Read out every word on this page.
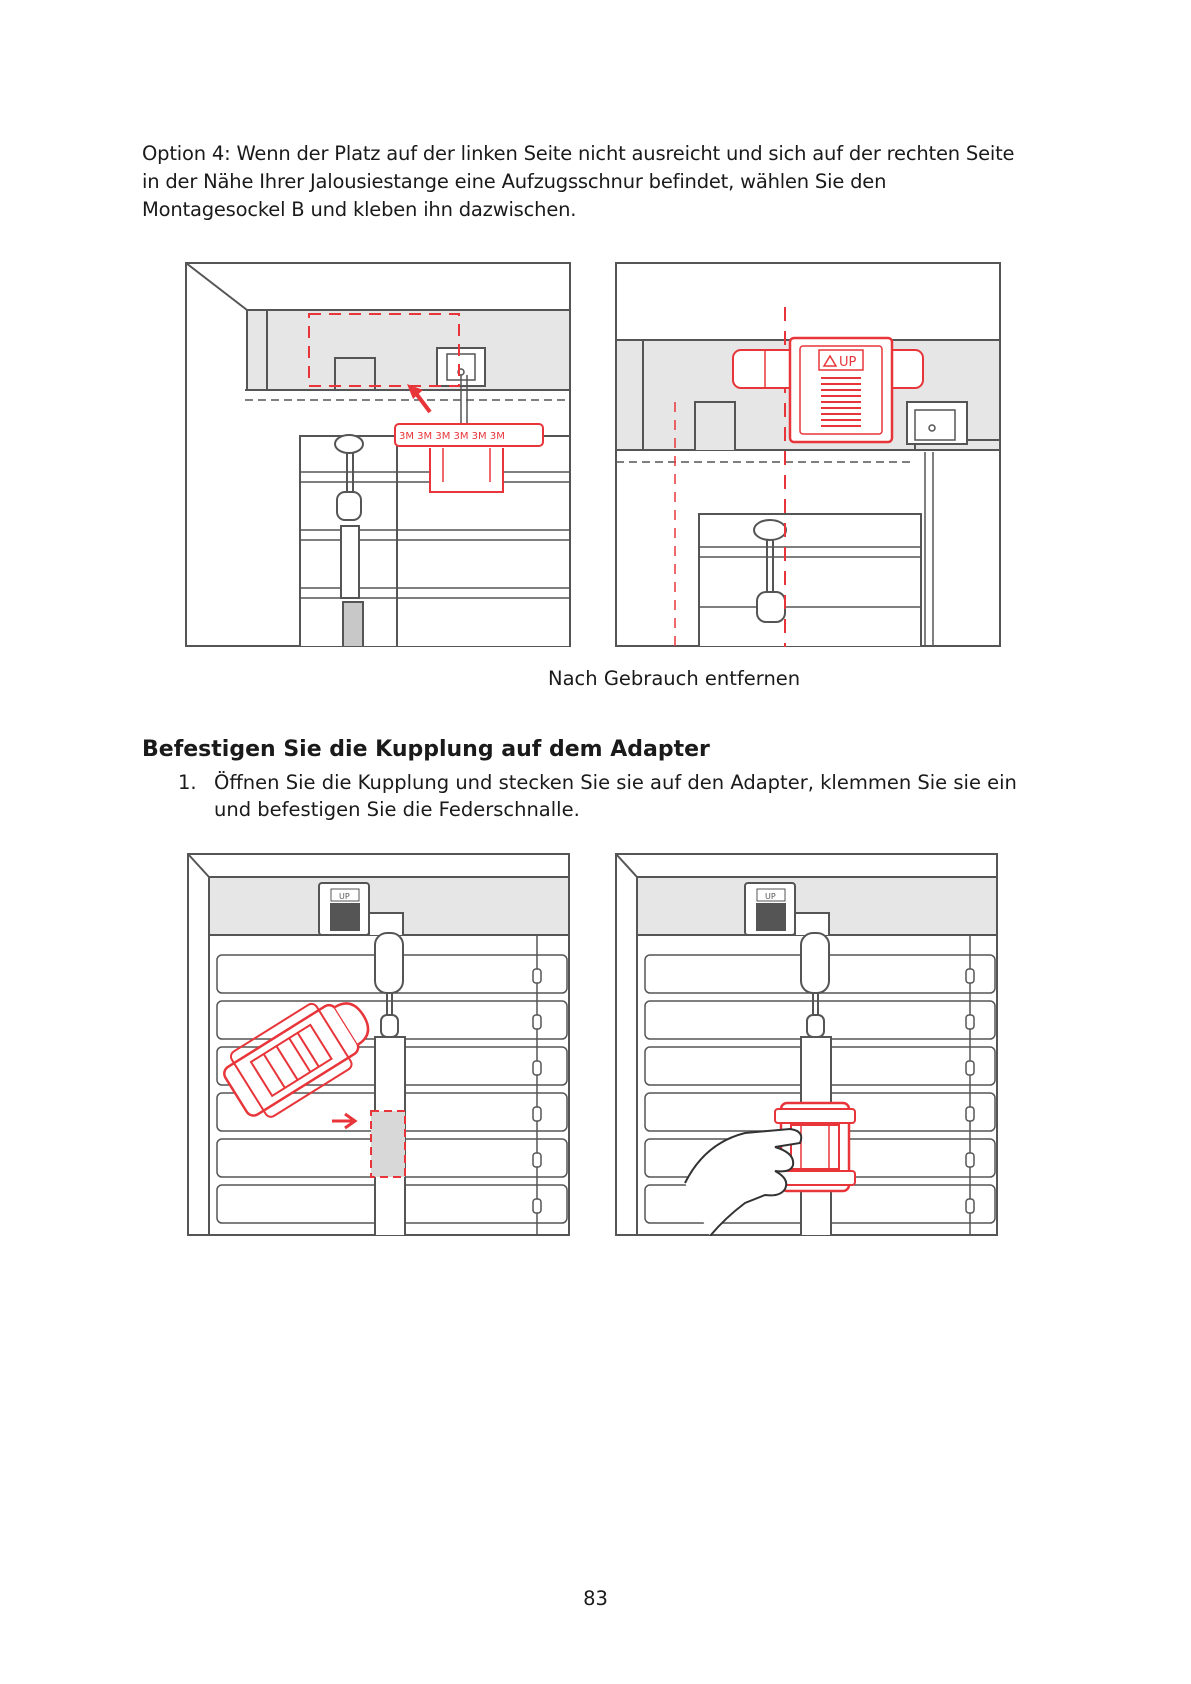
Option 4: Wenn der Platz auf der linken Seite nicht ausreicht und sich auf der rechten Seite
in der Nähe Ihrer Jalousiestange eine Aufzugsschnur befindet, wählen Sie den
Montagesockel B und kleben ihn dazwischen.
3M 3M 3M 3M 3M 3M
UP
Nach Gebrauch entfernen
Befestigen Sie die Kupplung auf dem Adapter
1. Öffnen Sie die Kupplung und stecken Sie sie auf den Adapter, klemmen Sie sie ein
und befestigen Sie die Federschnalle.
UP	UP
83
